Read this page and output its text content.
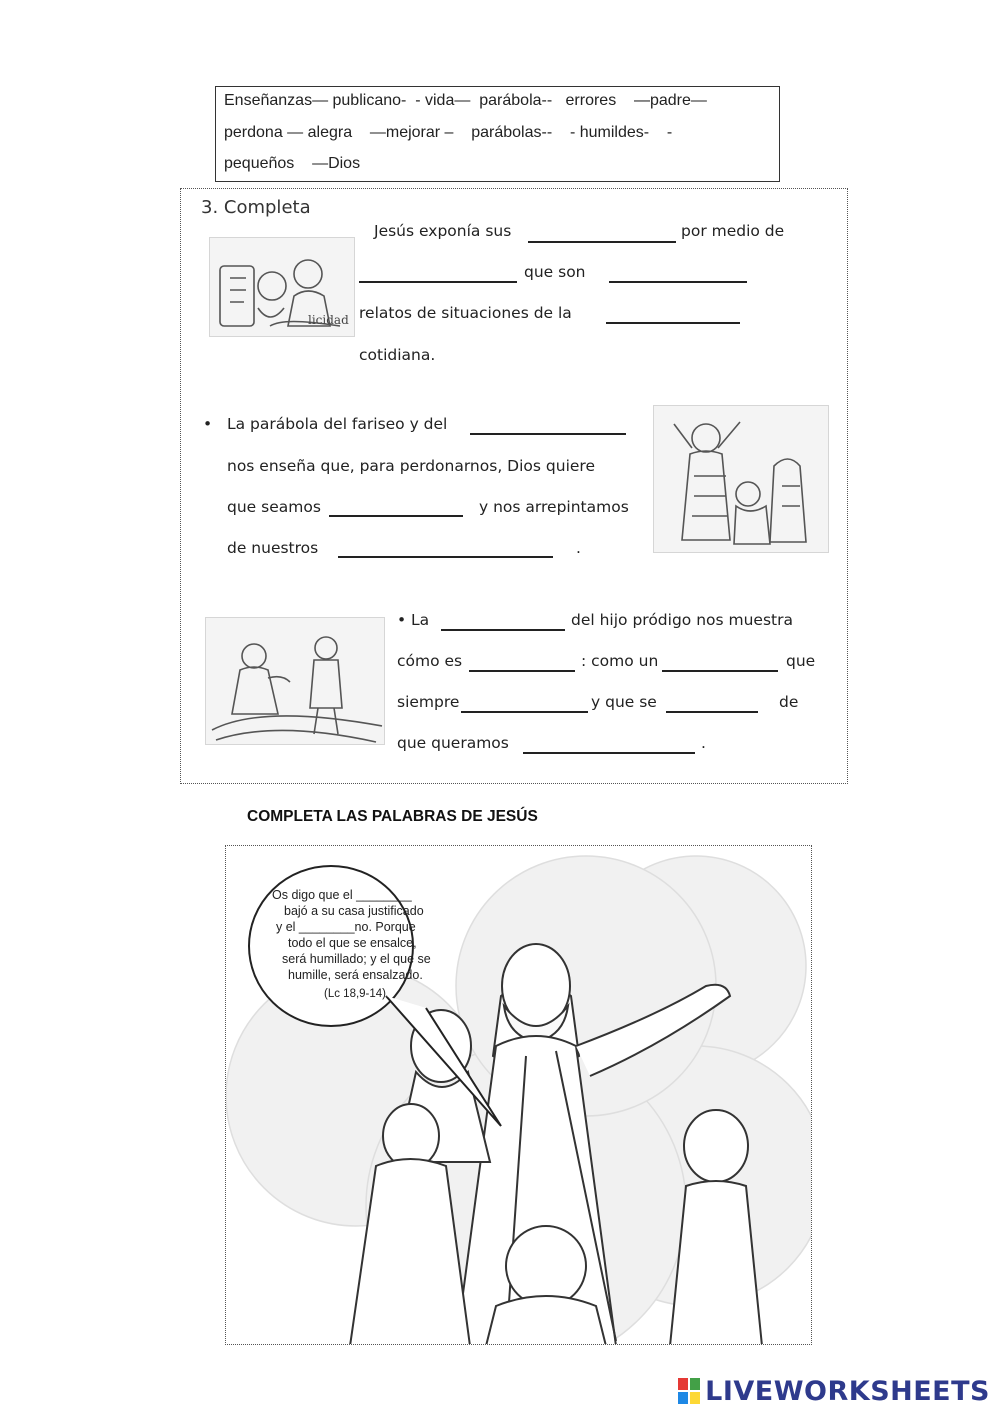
Enseñanzas— publicano-  - vida—  parábola--   errores    —padre—
perdona — alegra    —mejorar –    parábolas--    - humildes-    -
pequeños    —Dios
3. Completa
licidad
Jesús exponía sus	por medio de
que son
relatos de situaciones de la
cotidiana.
• La parábola del fariseo y del
nos enseña que, para perdonarnos, Dios quiere
que seamos	y nos arrepintamos
de nuestros	.
• La	del hijo pródigo nos muestra
cómo es	: como un	que
siempre	y que se	de
que queramos	.
COMPLETA LAS PALABRAS DE JESÚS
Os digo que el ________
bajó a su casa justificado
y el ________no. Porque
todo el que se ensalce,
será humillado; y el que se
humille, será ensalzado.
(Lc 18,9-14)
LIVEWORKSHEETS
